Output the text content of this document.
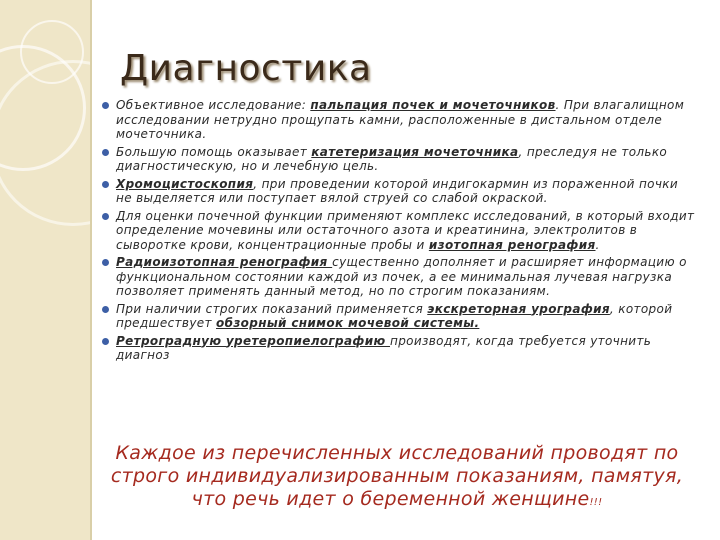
Диагностика
Объективное исследование: пальпация почек и мочеточников. При влагалищном исследовании нетрудно прощупать камни, расположенные в дистальном отделе мочеточника.
Большую помощь оказывает катетеризация мочеточника, преследуя не только диагностическую, но и лечебную цель.
Хромоцистоскопия, при проведении которой индигокармин из пораженной почки не выделяется или поступает вялой струей со слабой окраской.
Для оценки почечной функции применяют комплекс исследований, в который входит определение мочевины или остаточного азота и креатинина, электролитов в сыворотке крови, концентрационные пробы и изотопная ренография.
Радиоизотопная ренография существенно дополняет и расширяет информацию о функциональном состоянии каждой из почек, а ее минимальная лучевая нагрузка позволяет применять данный метод, но по строгим показаниям.
При наличии строгих показаний применяется экскреторная урография, которой предшествует обзорный снимок мочевой системы.
Ретроградную уретеропиелографию производят, когда требуется уточнить диагноз

Каждое из перечисленных исследований проводят по строго индивидуализированным показаниям, памятуя, что речь идет о беременной женщине!!!
